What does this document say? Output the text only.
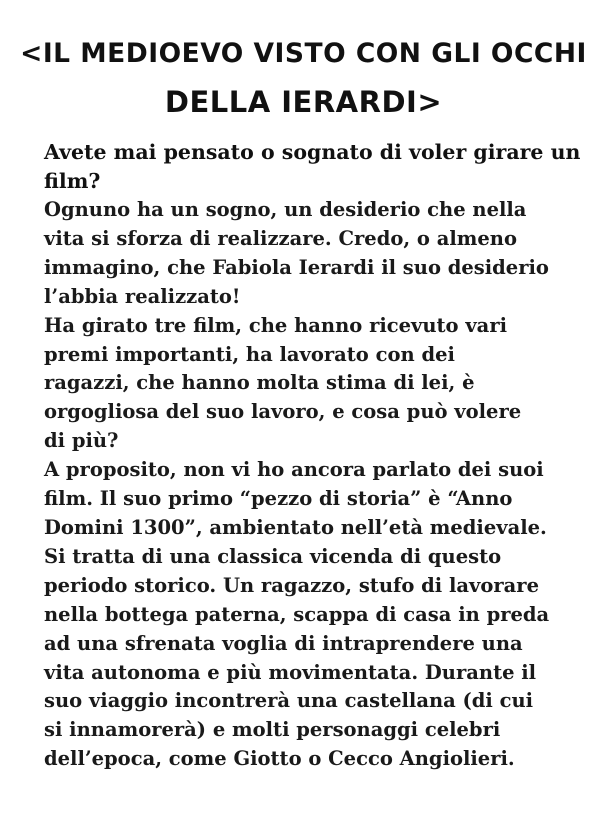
<IL MEDIOEVO VISTO CON GLI OCCHI
DELLA IERARDI>
Avete mai pensato o sognato di voler girare un
film?

Ognuno ha un sogno, un desiderio che nella
vita si sforza di realizzare. Credo, o almeno
immagino, che Fabiola Ierardi il suo desiderio
l’abbia realizzato!

Ha girato tre film, che hanno ricevuto vari
premi importanti, ha lavorato con dei
ragazzi, che hanno molta stima di lei, è
orgogliosa del suo lavoro, e cosa può volere
di più?

A proposito, non vi ho ancora parlato dei suoi
film. Il suo primo “pezzo di storia” è “Anno
Domini 1300”, ambientato nell’età medievale.

Si tratta di una classica vicenda di questo
periodo storico. Un ragazzo, stufo di lavorare
nella bottega paterna, scappa di casa in preda
ad una sfrenata voglia di intraprendere una
vita autonoma e più movimentata. Durante il
suo viaggio incontrerà una castellana (di cui
si innamorerà) e molti personaggi celebri
dell’epoca, come Giotto o Cecco Angiolieri.
